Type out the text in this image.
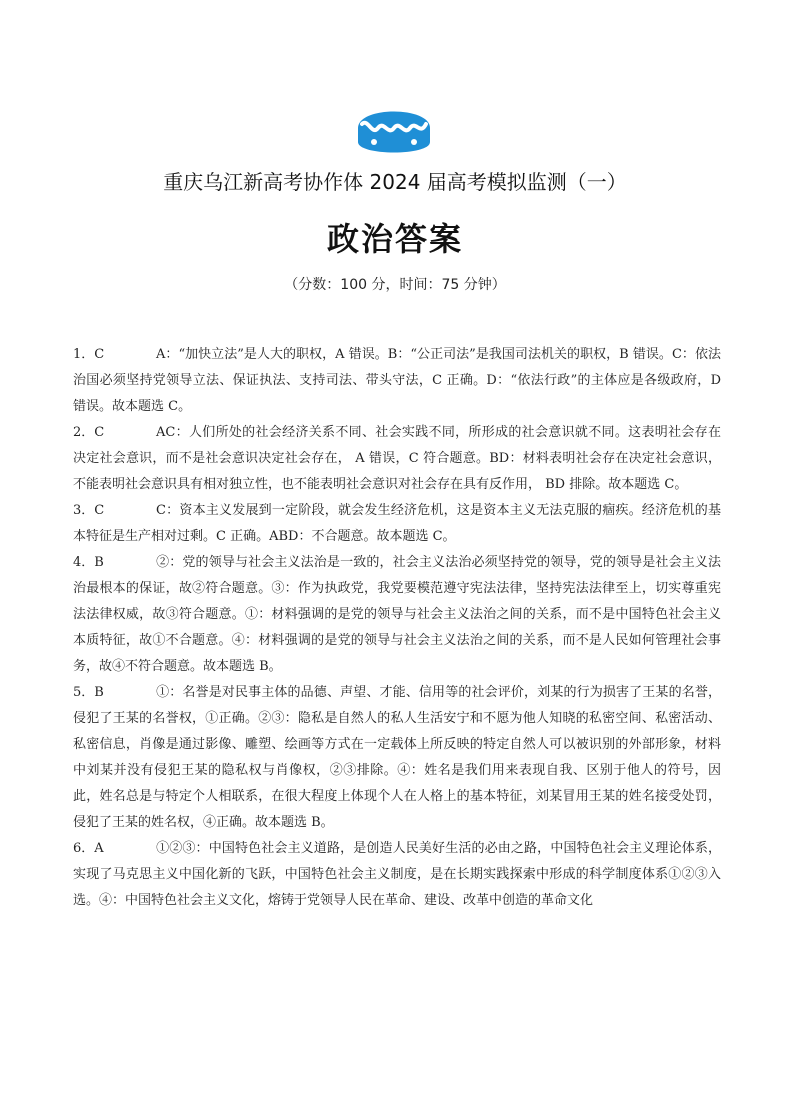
重庆乌江新高考协作体 2024 届高考模拟监测（一）
政治答案
（分数：100 分，时间：75 分钟）

1．C	A：“加快立法”是人大的职权，A 错误。B：“公正司法”是我国司法机关的职权，B 错误。C：依法治国必须坚持党领导立法、保证执法、支持司法、带头守法，C 正确。D：“依法行政”的主体应是各级政府，D 错误。故本题选 C。

2．C	AC：人们所处的社会经济关系不同、社会实践不同，所形成的社会意识就不同。这表明社会存在决定社会意识，而不是社会意识决定社会存在， A 错误，C 符合题意。BD：材料表明社会存在决定社会意识，不能表明社会意识具有相对独立性，也不能表明社会意识对社会存在具有反作用， BD 排除。故本题选 C。

3．C	C：资本主义发展到一定阶段，就会发生经济危机，这是资本主义无法克服的痼疾。经济危机的基本特征是生产相对过剩。C 正确。ABD：不合题意。故本题选 C。

4．B	②：党的领导与社会主义法治是一致的，社会主义法治必须坚持党的领导，党的领导是社会主义法治最根本的保证，故②符合题意。③：作为执政党，我党要模范遵守宪法法律，坚持宪法法律至上，切实尊重宪法法律权威，故③符合题意。①：材料强调的是党的领导与社会主义法治之间的关系，而不是中国特色社会主义本质特征，故①不合题意。④：材料强调的是党的领导与社会主义法治之间的关系，而不是人民如何管理社会事务，故④不符合题意。故本题选 B。

5．B	①：名誉是对民事主体的品德、声望、才能、信用等的社会评价，刘某的行为损害了王某的名誉，侵犯了王某的名誉权，①正确。②③：隐私是自然人的私人生活安宁和不愿为他人知晓的私密空间、私密活动、私密信息，肖像是通过影像、雕塑、绘画等方式在一定载体上所反映的特定自然人可以被识别的外部形象，材料中刘某并没有侵犯王某的隐私权与肖像权，②③排除。④：姓名是我们用来表现自我、区别于他人的符号，因此，姓名总是与特定个人相联系，在很大程度上体现个人在人格上的基本特征，刘某冒用王某的姓名接受处罚，侵犯了王某的姓名权，④正确。故本题选 B。

6．A	①②③：中国特色社会主义道路，是创造人民美好生活的必由之路，中国特色社会主义理论体系，实现了马克思主义中国化新的飞跃，中国特色社会主义制度，是在长期实践探索中形成的科学制度体系①②③入选。④：中国特色社会主义文化，熔铸于党领导人民在革命、建设、改革中创造的革命文化
